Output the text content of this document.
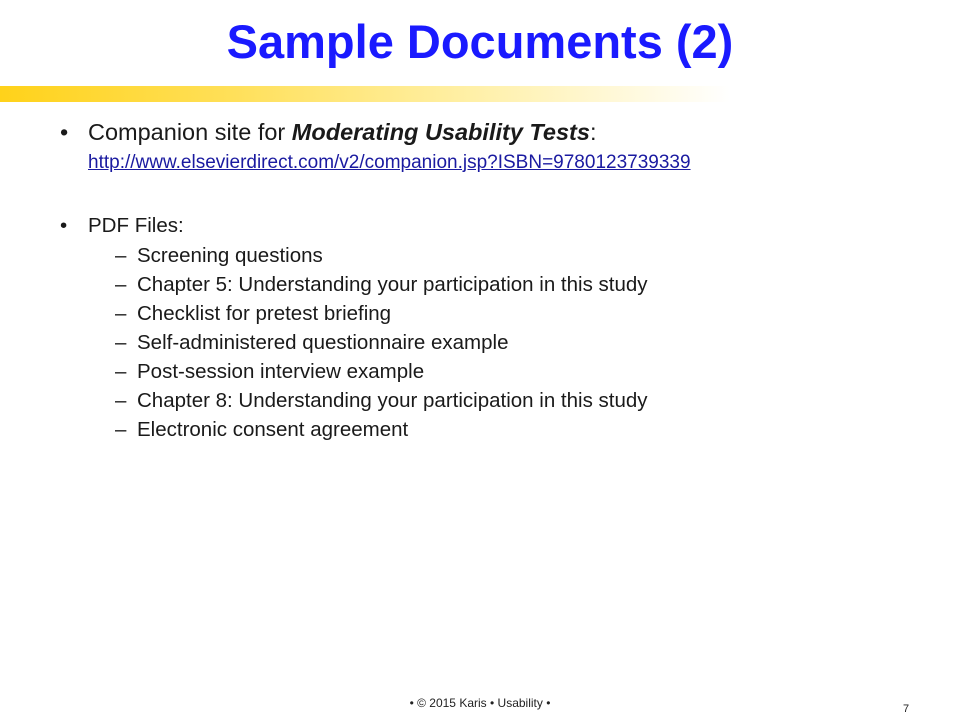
Sample Documents (2)

• Companion site for Moderating Usability Tests:
http://www.elsevierdirect.com/v2/companion.jsp?ISBN=9780123739339

• PDF Files:

– Screening questions
– Chapter 5: Understanding your participation in this study
– Checklist for pretest briefing
– Self-administered questionnaire example
– Post-session interview example
– Chapter 8: Understanding your participation in this study
– Electronic consent agreement
• © 2015 Karis • Usability •	7
